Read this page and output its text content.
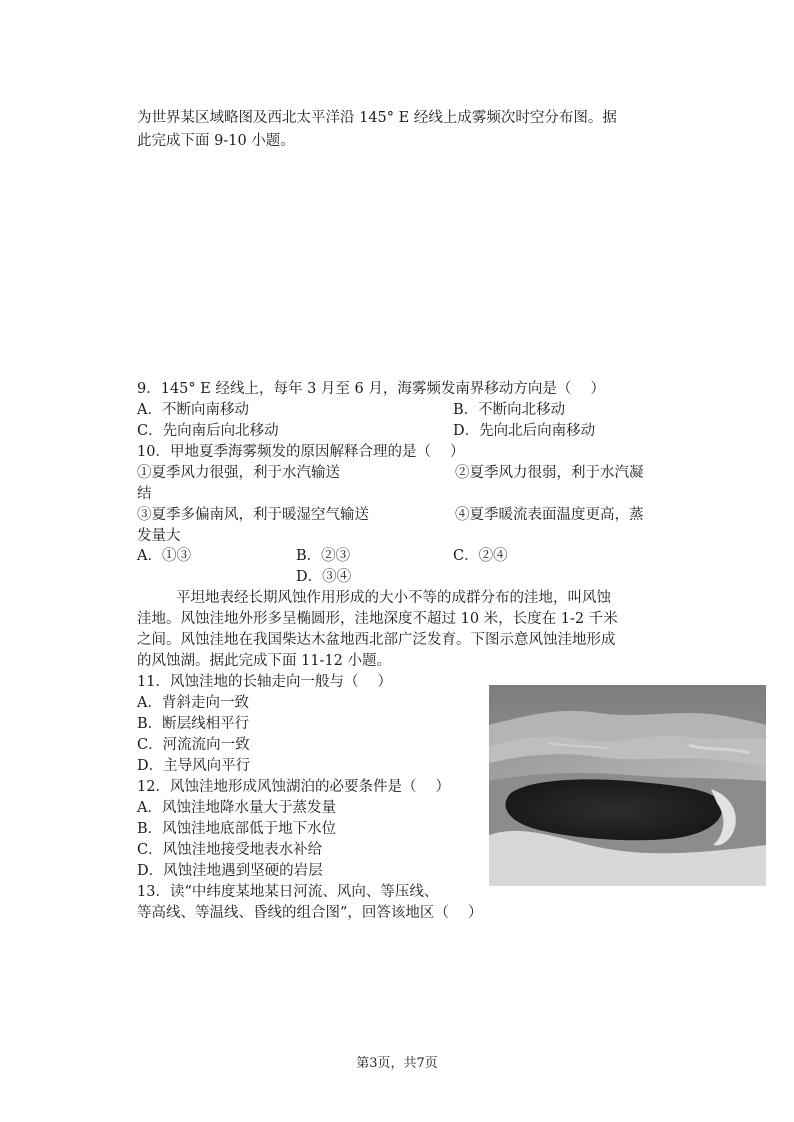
为世界某区域略图及西北太平洋沿 145° E 经线上成雾频次时空分布图。据
此完成下面 9-10 小题。
9．145° E 经线上，每年 3 月至 6 月，海雾频发南界移动方向是（　 ）
A．不断向南移动	B．不断向北移动
C．先向南后向北移动	D．先向北后向南移动
10．甲地夏季海雾频发的原因解释合理的是（　 ）
①夏季风力很强，利于水汽输送	②夏季风力很弱，利于水汽凝
结
③夏季多偏南风，利于暖湿空气输送	④夏季暖流表面温度更高，蒸
发量大
A．①③	B．②③	C．②④
D．③④
平坦地表经长期风蚀作用形成的大小不等的成群分布的洼地，叫风蚀
洼地。风蚀洼地外形多呈椭圆形，洼地深度不超过 10 米，长度在 1-2 千米
之间。风蚀洼地在我国柴达木盆地西北部广泛发育。下图示意风蚀洼地形成
的风蚀湖。据此完成下面 11-12 小题。
11．风蚀洼地的长轴走向一般与（　 ）
A．背斜走向一致
B．断层线相平行
C．河流流向一致
D．主导风向平行
12．风蚀洼地形成风蚀湖泊的必要条件是（　 ）
A．风蚀洼地降水量大于蒸发量
B．风蚀洼地底部低于地下水位
C．风蚀洼地接受地表水补给
D．风蚀洼地遇到坚硬的岩层
13．读“中纬度某地某日河流、风向、等压线、
等高线、等温线、昏线的组合图”，回答该地区（　 ）
第3页，共7页
